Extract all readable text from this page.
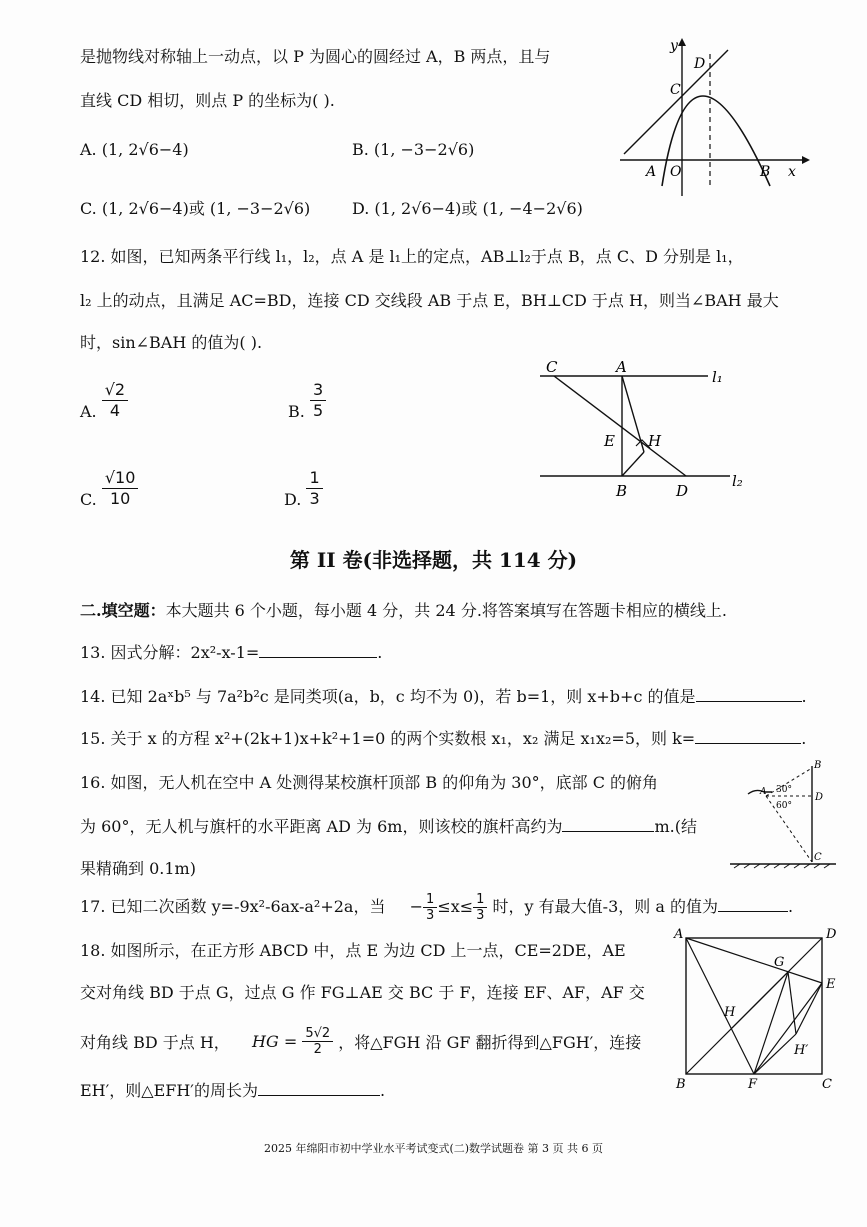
是抛物线对称轴上一动点，以 P 为圆心的圆经过 A，B 两点，且与
直线 CD 相切，则点 P 的坐标为( ).
A. (1, 2√6−4)	B. (1, −3−2√6)
C. (1, 2√6−4)或 (1, −3−2√6)	D. (1, 2√6−4)或 (1, −4−2√6)
y
x
D
C
A O	B
12. 如图，已知两条平行线 l₁，l₂，点 A 是 l₁上的定点，AB⊥l₂于点 B，点 C、D 分别是 l₁，
l₂ 上的动点，且满足 AC=BD，连接 CD 交线段 AB 于点 E，BH⊥CD 于点 H，则当∠BAH 最大
时，sin∠BAH 的值为( ).
A. $\frac{√2}{4}$	B. $\frac{3}{5}$
C. $\frac{√10}{10}$	D. $\frac{1}{3}$
C	A
l₁
E H
B	D
l₂
第 II 卷(非选择题，共 114 分)
二.填空题：本大题共 6 个小题，每小题 4 分，共 24 分.将答案填写在答题卡相应的横线上.
13. 因式分解：2x²-x-1=	.
14. 已知 2aˣb⁵ 与 7a²b²c 是同类项(a，b，c 均不为 0)，若 b=1，则 x+b+c 的值是	.
15. 关于 x 的方程 x²+(2k+1)x+k²+1=0 的两个实数根 x₁，x₂ 满足 x₁x₂=5，则 k=	.
16. 如图，无人机在空中 A 处测得某校旗杆顶部 B 的仰角为 30°，底部 C 的俯角
为 60°，无人机与旗杆的水平距离 AD 为 6m，则该校的旗杆高约为	m.(结
果精确到 0.1m)
B
A 30°
60°
D
C
17. 已知二次函数 y=-9x²-6ax-a²+2a，当 − $\frac{1}{3} \le x\le \frac{1}{3}$ 时，y 有最大值-3，则 a 的值为	.
18. 如图所示，在正方形 ABCD 中，点 E 为边 CD 上一点，CE=2DE，AE
交对角线 BD 于点 G，过点 G 作 FG⊥AE 交 BC 于 F，连接 EF、AF，AF 交
对角线 BD 于点 H， HG = $\frac{5√2}{2}$ ，将△FGH 沿 GF 翻折得到△FGH′，连接
EH′，则△EFH′的周长为	.
A	D
G
E
H
H′
B	F	C
2025 年绵阳市初中学业水平考试变式(二)数学试题卷 第 3 页 共 6 页
